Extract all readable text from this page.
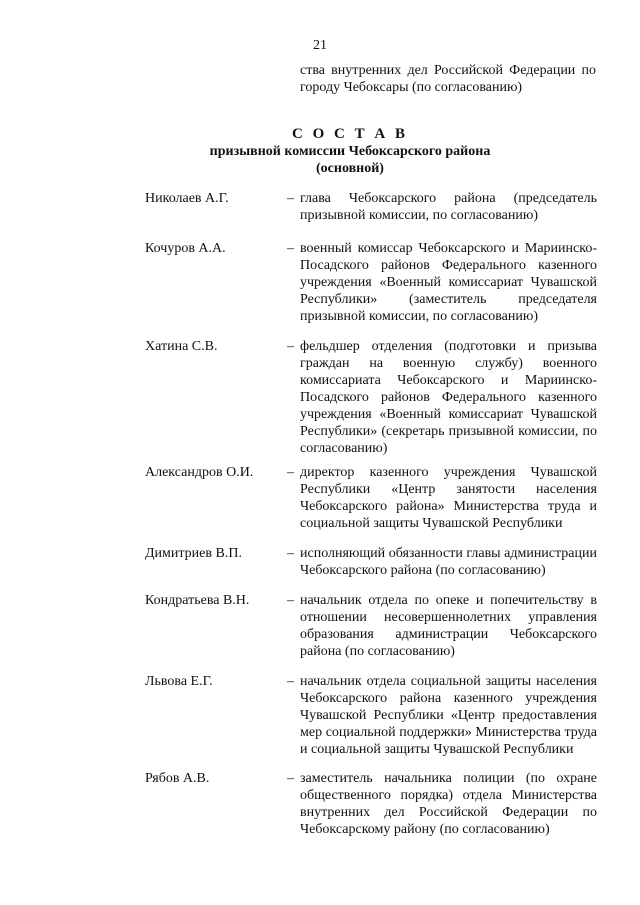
21
ства внутренних дел Российской Федерации по городу Чебоксары (по согласованию)
С О С Т А В
призывной комиссии Чебоксарского района
(основной)
Николаев А.Г.	– глава Чебоксарского района (председатель призывной комиссии, по согласованию)
Кочуров А.А.	– военный комиссар Чебоксарского и Мариинско-Посадского районов Федерального казенного учреждения «Военный комиссариат Чувашской Республики» (заместитель председателя призывной комиссии, по согласованию)
Хатина С.В.	– фельдшер отделения (подготовки и призыва граждан на военную службу) военного комиссариата Чебоксарского и Мариинско-Посадского районов Федерального казенного учреждения «Военный комиссариат Чувашской Республики» (секретарь призывной комиссии, по согласованию)
Александров О.И.	– директор казенного учреждения Чувашской Республики «Центр занятости населения Чебоксарского района» Министерства труда и социальной защиты Чувашской Республики
Димитриев В.П.	– исполняющий обязанности главы администрации Чебоксарского района (по согласованию)
Кондратьева В.Н.	– начальник отдела по опеке и попечительству в отношении несовершеннолетних управления образования администрации Чебоксарского района (по согласованию)
Львова Е.Г.	– начальник отдела социальной защиты населения Чебоксарского района казенного учреждения Чувашской Республики «Центр предоставления мер социальной поддержки» Министерства труда и социальной защиты Чувашской Республики
Рябов А.В.	– заместитель начальника полиции (по охране общественного порядка) отдела Министерства внутренних дел Российской Федерации по Чебоксарскому району (по согласованию)
